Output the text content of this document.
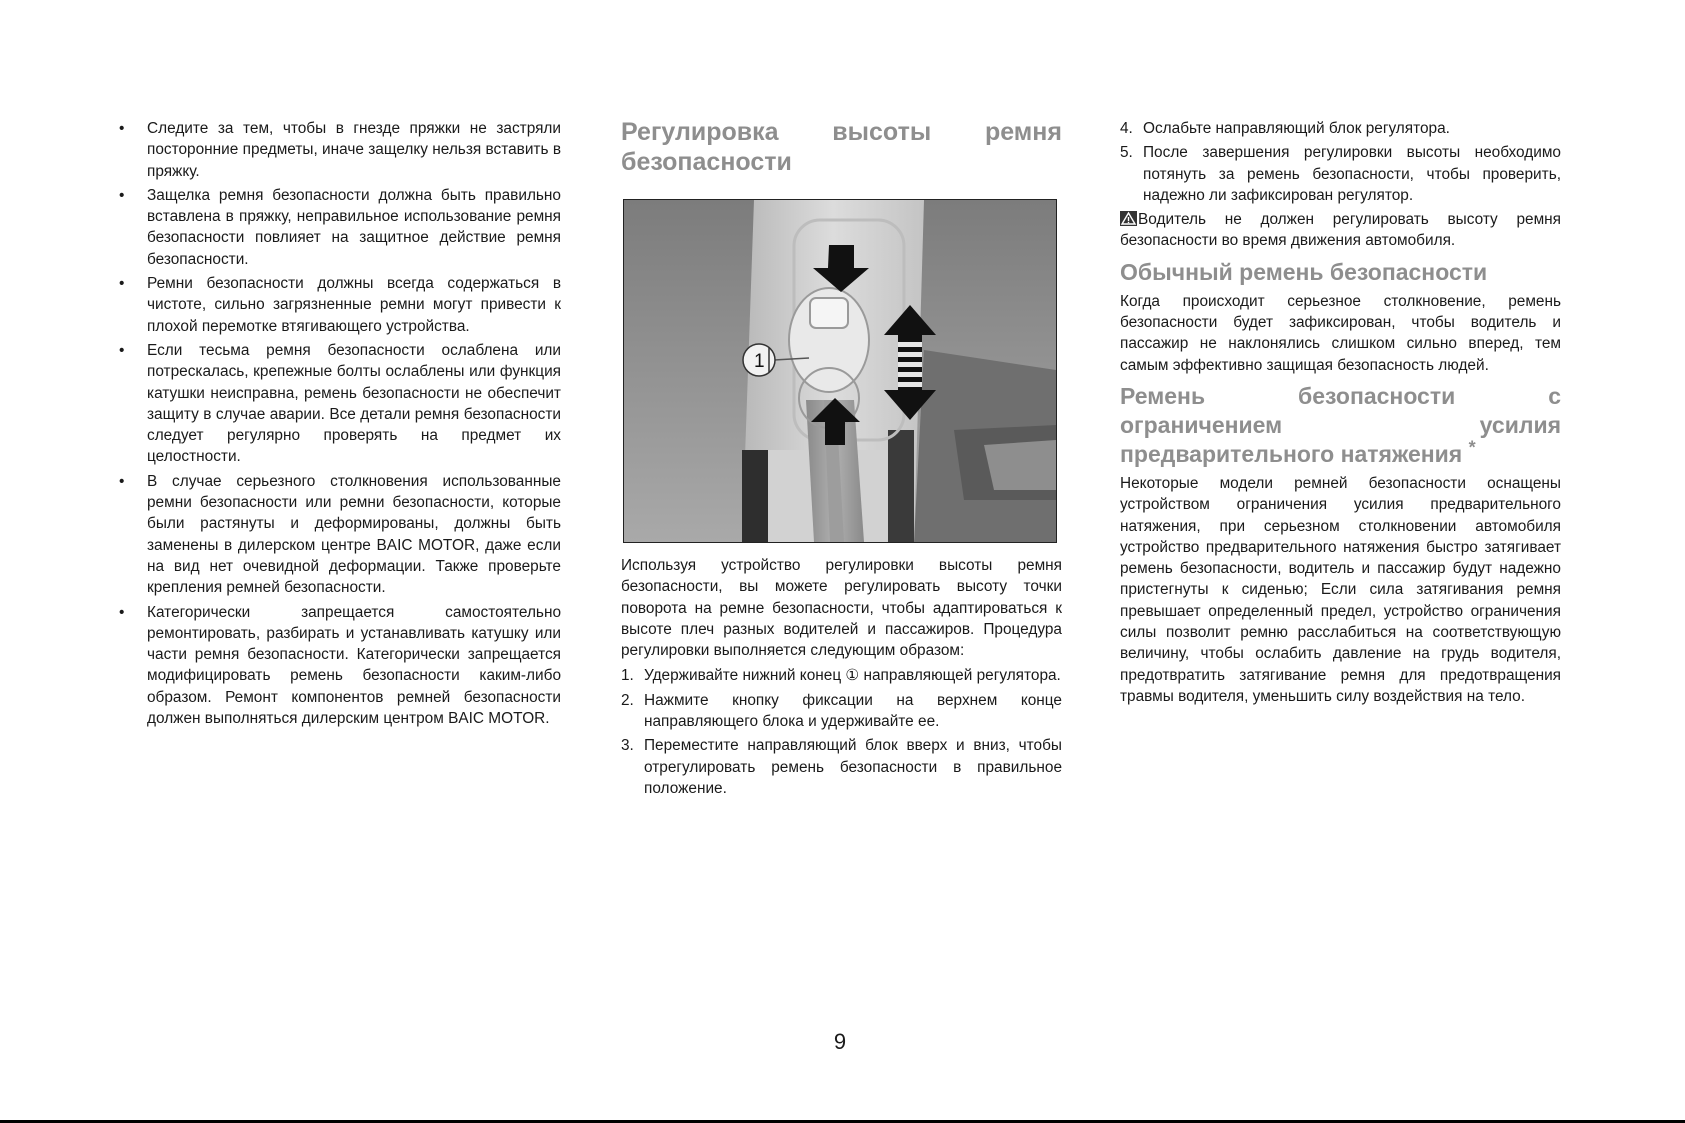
• Следите за тем, чтобы в гнезде пряжки не застряли посторонние предметы, иначе защелку нельзя вставить в пряжку.
• Защелка ремня безопасности должна быть правильно вставлена в пряжку, неправильное использование ремня безопасности повлияет на защитное действие ремня безопасности.
• Ремни безопасности должны всегда содержаться в чистоте, сильно загрязненные ремни могут привести к плохой перемотке втягивающего устройства.
• Если тесьма ремня безопасности ослаблена или потрескалась, крепежные болты ослаблены или функция катушки неисправна, ремень безопасности не обеспечит защиту в случае аварии. Все детали ремня безопасности следует регулярно проверять на предмет их целостности.
• В случае серьезного столкновения использованные ремни безопасности или ремни безопасности, которые были растянуты и деформированы, должны быть заменены в дилерском центре BAIC MOTOR, даже если на вид нет очевидной деформации. Также проверьте крепления ремней безопасности.
• Категорически запрещается самостоятельно ремонтировать, разбирать и устанавливать катушку или части ремня безопасности. Категорически запрещается модифицировать ремень безопасности каким-либо образом. Ремонт компонентов ремней безопасности должен выполняться дилерским центром BAIC MOTOR.

Регулировка высоты ремня

безопасности

1

Используя устройство регулировки высоты ремня безопасности, вы можете регулировать высоту точки поворота на ремне безопасности, чтобы адаптироваться к высоте плеч разных водителей и пассажиров. Процедура регулировки выполняется следующим образом:

1. Удерживайте нижний конец ① направляющей регулятора.
2. Нажмите кнопку фиксации на верхнем конце направляющего блока и удерживайте ее.
3. Переместите направляющий блок вверх и вниз, чтобы отрегулировать ремень безопасности в правильное положение.
4. Ослабьте направляющий блок регулятора.
5. После завершения регулировки высоты необходимо потянуть за ремень безопасности, чтобы проверить, надежно ли зафиксирован регулятор.

Водитель не должен регулировать высоту ремня безопасности во время движения автомобиля.

Обычный ремень безопасности

Когда происходит серьезное столкновение, ремень безопасности будет зафиксирован, чтобы водитель и пассажир не наклонялись слишком сильно вперед, тем самым эффективно защищая безопасность людей.

Ремень безопасности с

ограничением усилия

предварительного натяжения *

Некоторые модели ремней безопасности оснащены устройством ограничения усилия предварительного натяжения, при серьезном столкновении автомобиля устройство предварительного натяжения быстро затягивает ремень безопасности, водитель и пассажир будут надежно пристегнуты к сиденью; Если сила затягивания ремня превышает определенный предел, устройство ограничения силы позволит ремню расслабиться на соответствующую величину, чтобы ослабить давление на грудь водителя, предотвратить затягивание ремня для предотвращения травмы водителя, уменьшить силу воздействия на тело.

9
